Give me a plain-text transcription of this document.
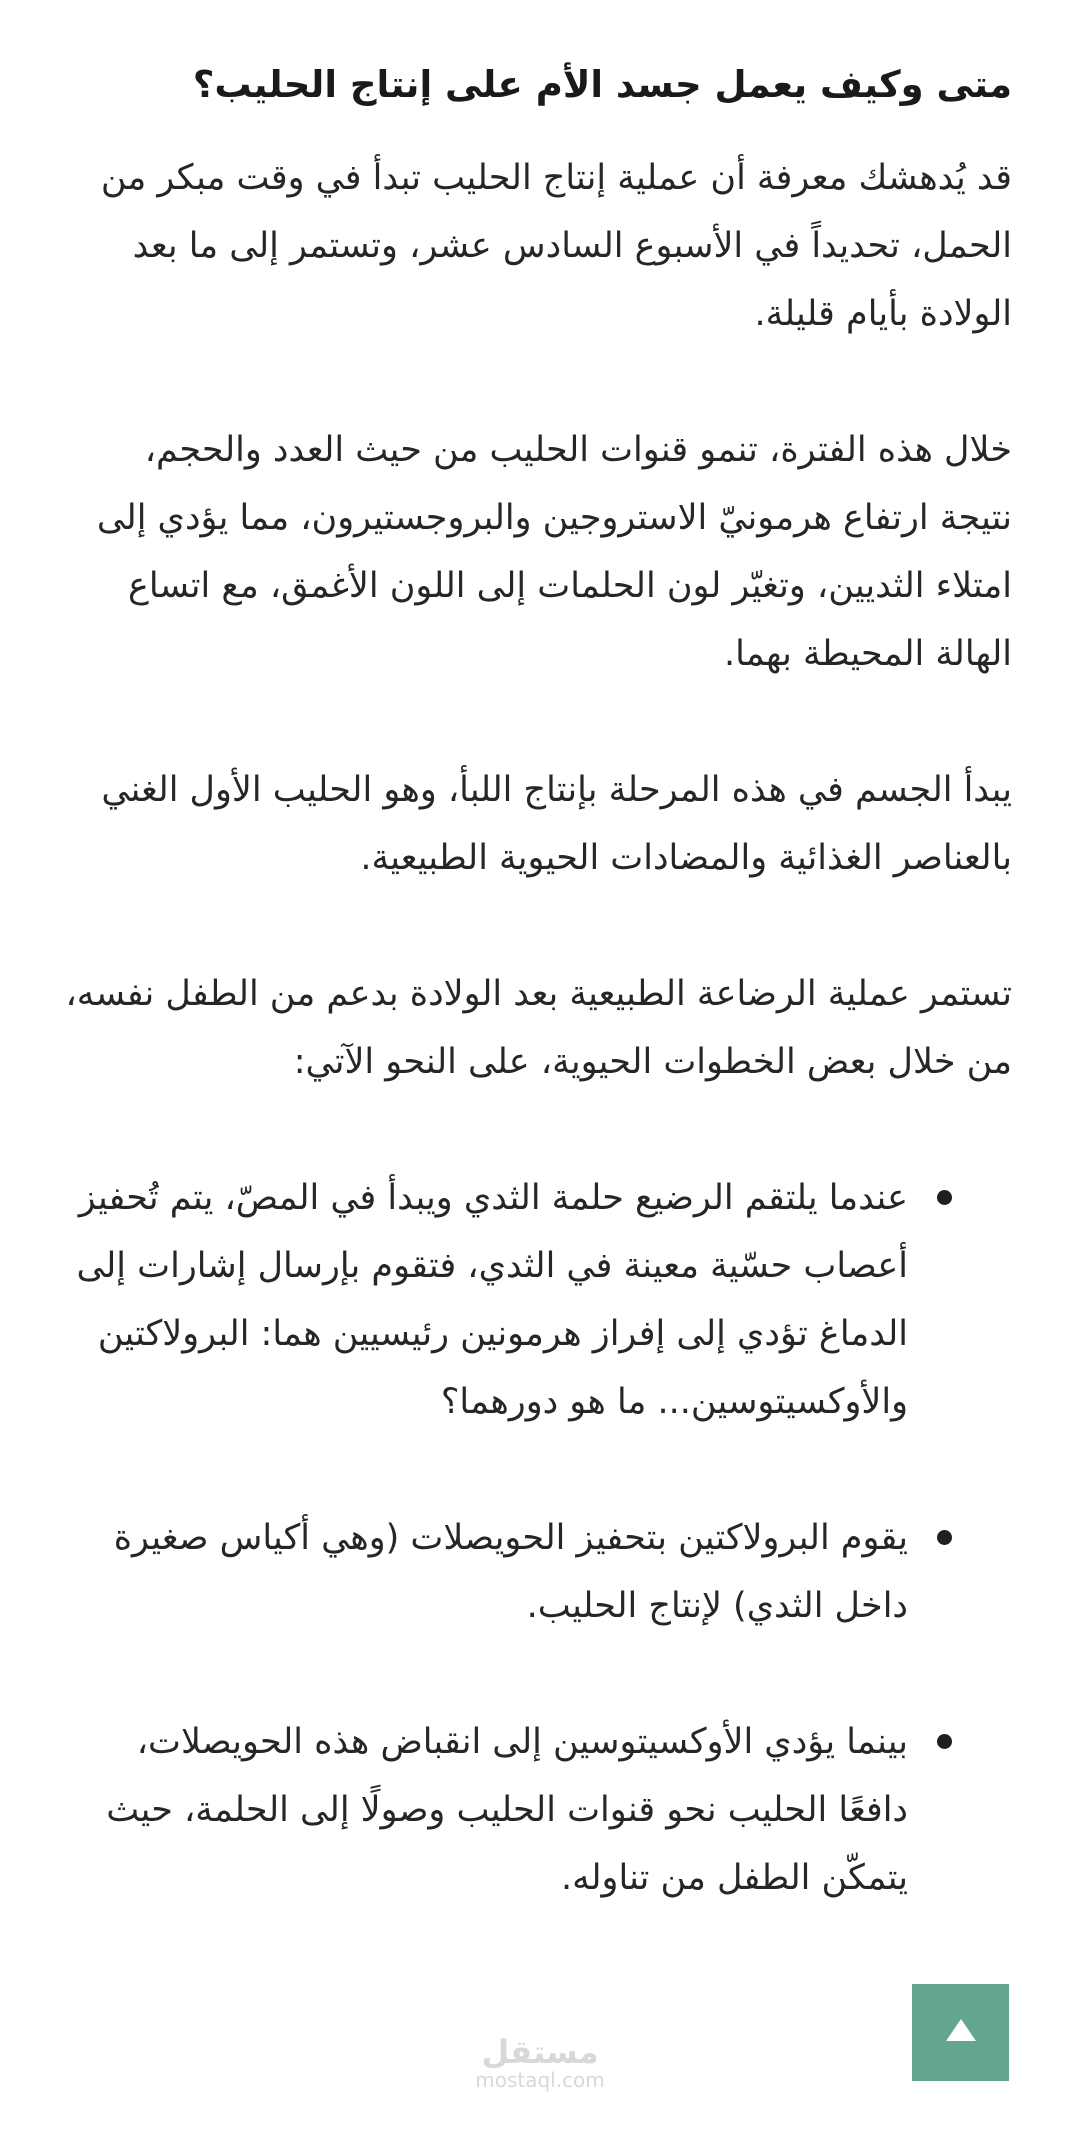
متى وكيف يعمل جسد الأم على إنتاج الحليب؟

قد يُدهشك معرفة أن عملية إنتاج الحليب تبدأ في وقت مبكر من الحمل، تحديداً في الأسبوع السادس عشر، وتستمر إلى ما بعد الولادة بأيام قليلة.

خلال هذه الفترة، تنمو قنوات الحليب من حيث العدد والحجم، نتيجة ارتفاع هرمونيّ الاستروجين والبروجستيرون، مما يؤدي إلى امتلاء الثديين، وتغيّر لون الحلمات إلى اللون الأغمق، مع اتساع الهالة المحيطة بهما.

يبدأ الجسم في هذه المرحلة بإنتاج اللبأ، وهو الحليب الأول الغني بالعناصر الغذائية والمضادات الحيوية الطبيعية.

تستمر عملية الرضاعة الطبيعية بعد الولادة بدعم من الطفل نفسه، من خلال بعض الخطوات الحيوية، على النحو الآتي:

عندما يلتقم الرضيع حلمة الثدي ويبدأ في المصّ، يتم تُحفيز أعصاب حسّية معينة في الثدي، فتقوم بإرسال إشارات إلى الدماغ تؤدي إلى إفراز هرمونين رئيسيين هما: البرولاكتين والأوكسيتوسين... ما هو دورهما؟
يقوم البرولاكتين بتحفيز الحويصلات (وهي أكياس صغيرة داخل الثدي) لإنتاج الحليب.
بينما يؤدي الأوكسيتوسين إلى انقباض هذه الحويصلات، دافعًا الحليب نحو قنوات الحليب وصولًا إلى الحلمة، حيث يتمكّن الطفل من تناوله.
مستقل
mostaql.com
